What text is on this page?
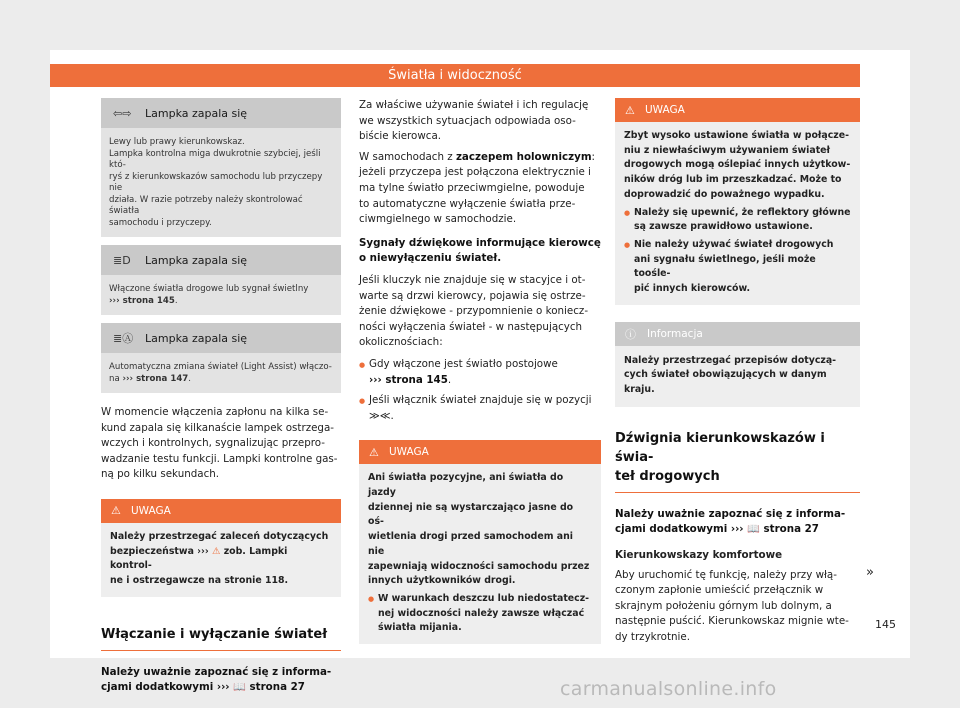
Światła i widoczność
⇦⇨	Lampka zapala się
Lewy lub prawy kierunkowskaz.
Lampka kontrolna miga dwukrotnie szybciej, jeśli któ-
ryś z kierunkowskazów samochodu lub przyczepy nie
działa. W razie potrzeby należy skontrolować światła
samochodu i przyczepy.
≣D	Lampka zapala się
Włączone światła drogowe lub sygnał świetlny
››› strona 145.
≣Ⓐ	Lampka zapala się
Automatyczna zmiana świateł (Light Assist) włączo-
na ››› strona 147.

W momencie włączenia zapłonu na kilka se-
kund zapala się kilkanaście lampek ostrzega-
wczych i kontrolnych, sygnalizując przepro-
wadzanie testu funkcji. Lampki kontrolne gas-
ną po kilku sekundach.

⚠ UWAGA
Należy przestrzegać zaleceń dotyczących
bezpieczeństwa ››› ⚠ zob. Lampki kontrol-
ne i ostrzegawcze na stronie 118.
Włączanie i wyłączanie świateł

Należy uważnie zapoznać się z informa-
cjami dodatkowymi ››› 📖 strona 27

Za właściwe używanie świateł i ich regulację
we wszystkich sytuacjach odpowiada oso-
biście kierowca.

W samochodach z zaczepem holowniczym:
jeżeli przyczepa jest połączona elektrycznie i
ma tylne światło przeciwmgielne, powoduje
to automatyczne wyłączenie światła prze-
ciwmgielnego w samochodzie.

Sygnały dźwiękowe informujące kierowcę
o niewyłączeniu świateł.

Jeśli kluczyk nie znajduje się w stacyjce i ot-
warte są drzwi kierowcy, pojawia się ostrze-
żenie dźwiękowe - przypomnienie o koniecz-
ności wyłączenia świateł - w następujących
okolicznościach:

● Gdy włączone jest światło postojowe
››› strona 145.

● Jeśli włącznik świateł znajduje się w pozycji
≫≪.

⚠ UWAGA
Ani światła pozycyjne, ani światła do jazdy
dziennej nie są wystarczająco jasne do oś-
wietlenia drogi przed samochodem ani nie
zapewniają widoczności samochodu przez
innych użytkowników drogi.
● W warunkach deszczu lub niedostatecz-
nej widoczności należy zawsze włączać
światła mijania.
⚠ UWAGA
Zbyt wysoko ustawione światła w połącze-
niu z niewłaściwym używaniem świateł
drogowych mogą oślepiać innych użytkow-
ników dróg lub im przeszkadzać. Może to
doprowadzić do poważnego wypadku.
● Należy się upewnić, że reflektory główne
są zawsze prawidłowo ustawione.
● Nie należy używać świateł drogowych
ani sygnału świetlnego, jeśli może toośle-
pić innych kierowców.
ⓘ	Informacja
Należy przestrzegać przepisów dotyczą-
cych świateł obowiązujących w danym
kraju.
Dźwignia kierunkowskazów i świa-
teł drogowych

Należy uważnie zapoznać się z informa-
cjami dodatkowymi ››› 📖 strona 27

Kierunkowskazy komfortowe

Aby uruchomić tę funkcję, należy przy włą-
czonym zapłonie umieścić przełącznik w
skrajnym położeniu górnym lub dolnym, a
następnie puścić. Kierunkowskaz mignie wte-
dy trzykrotnie.

»
145
carmanualsonline.info
